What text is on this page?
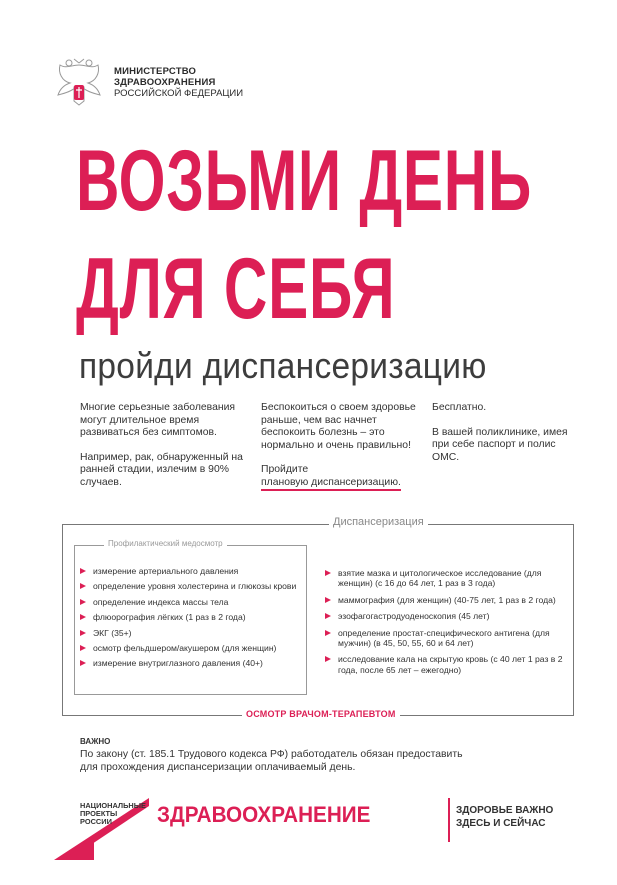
МИНИСТЕРСТВО
ЗДРАВООХРАНЕНИЯ
РОССИЙСКОЙ ФЕДЕРАЦИИ
ВОЗЬМИ ДЕНЬ
ДЛЯ СЕБЯ
пройди диспансеризацию

Многие серьезные заболевания могут длительное время развиваться без симптомов.

Например, рак, обнаруженный на ранней стадии, излечим в 90% случаев.

Беспокоиться о своем здоровье раньше, чем вас начнет беспокоить болезнь – это нормально и очень правильно!

Пройдите
плановую диспансеризацию.

Бесплатно.

В вашей поликлинике, имея при себе паспорт и полис ОМС.

Диспансеризация
Профилактический медосмотр
измерение артериального давления
определение уровня холестерина и глюкозы крови
определение индекса массы тела
флюорография лёгких (1 раз в 2 года)
ЭКГ (35+)
осмотр фельдшером/акушером (для женщин)
измерение внутриглазного давления (40+)
взятие мазка и цитологическое исследование (для женщин) (с 16 до 64 лет, 1 раз в 3 года)
маммография (для женщин) (40-75 лет, 1 раз в 2 года)
эзофагогастродуоденоскопия (45 лет)
определение простат-специфического антигена (для мужчин) (в 45, 50, 55, 60 и 64 лет)
исследование кала на скрытую кровь (с 40 лет 1 раз в 2 года, после 65 лет – ежегодно)
ОСМОТР ВРАЧОМ-ТЕРАПЕВТОМ
ВАЖНО
По закону (ст. 185.1 Трудового кодекса РФ) работодатель обязан предоставить для прохождения диспансеризации оплачиваемый день.
НАЦИОНАЛЬНЫЕ
ПРОЕКТЫ
РОССИИ	ЗДРАВООХРАНЕНИЕ	ЗДОРОВЬЕ ВАЖНО
ЗДЕСЬ И СЕЙЧАС
